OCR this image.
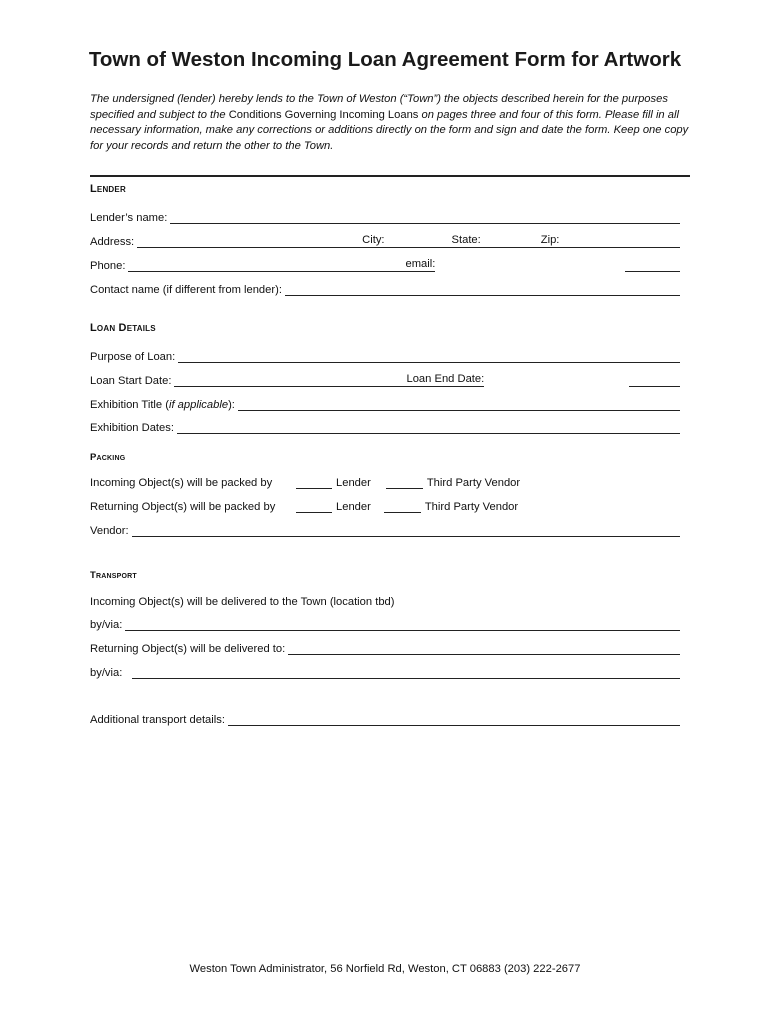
Town of Weston Incoming Loan Agreement Form for Artwork

The undersigned (lender) hereby lends to the Town of Weston (“Town”) the objects described herein for the purposes specified and subject to the Conditions Governing Incoming Loans on pages three and four of this form. Please fill in all necessary information, make any corrections or additions directly on the form and sign and date the form. Keep one copy for your records and return the other to the Town.

Lender
Lender’s name:
Address:	City:	State:	Zip:
Phone:	email:
Contact name (if different from lender):
Loan Details
Purpose of Loan:
Loan Start Date:	Loan End Date:
Exhibition Title (if applicable):
Exhibition Dates:
Packing
Incoming Object(s) will be packed by	Lender	Third Party Vendor
Returning Object(s) will be packed by	Lender	Third Party Vendor
Vendor:
Transport
Incoming Object(s) will be delivered to the Town (location tbd)
by/via:
Returning Object(s) will be delivered to:
by/via:
Additional transport details:
Weston Town Administrator, 56 Norfield Rd, Weston, CT 06883 (203) 222-2677
